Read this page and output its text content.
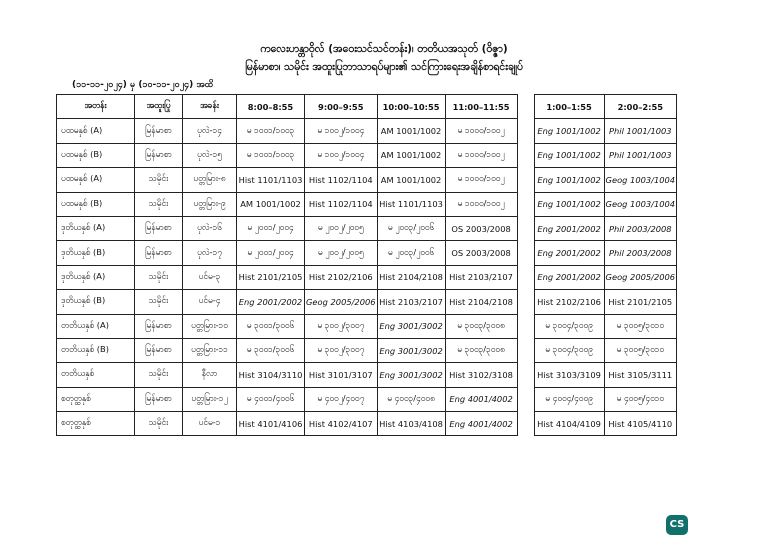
ကလေးဟန္တာဝိုလ် (အဝေးသင်သင်တန်း)၊ တတိယအသုတ် (ဝိဇ္ဇာ)
မြန်မာစာ၊ သမိုင်း အထူးပြုဘာသာရပ်များ၏ သင်ကြားရေးအချိန်စာရင်းချုပ်
(၁၁-၁၁-၂၀၂၄) မှ (၁၀-၁၁-၂၀၂၄) အထိ
အတန်း	အထူးပြု	အခန်း	8:00–8:55	9:00–9:55	10:00–10:55	11:00–11:55		1:00–1:55	2:00–2:55
ပထမနှစ် (A)	မြန်မာစာ	ပုလဲ-၁၄	မ ၁၀၀၁/၁၀၀၃	မ ၁၀၀၂/၁၀၀၄	AM 1001/1002	မ ၁၀၀၀/၁၀၀၂		Eng 1001/1002	Phil 1001/1003
ပထမနှစ် (B)	မြန်မာစာ	ပုလဲ-၁၅	မ ၁၀၀၁/၁၀၀၃	မ ၁၀၀၂/၁၀၀၄	AM 1001/1002	မ ၁၀၀၀/၁၀၀၂		Eng 1001/1002	Phil 1001/1003
ပထမနှစ် (A)	သမိုင်း	ပတ္တမြား-၈	Hist 1101/1103	Hist 1102/1104	AM 1001/1002	မ ၁၀၀၀/၁၀၀၂		Eng 1001/1002	Geog 1003/1004
ပထမနှစ် (B)	သမိုင်း	ပတ္တမြား-၉	AM 1001/1002	Hist 1102/1104	Hist 1101/1103	မ ၁၀၀၀/၁၀၀၂		Eng 1001/1002	Geog 1003/1004
ဒုတိယနှစ် (A)	မြန်မာစာ	ပုလဲ-၁၆	မ ၂၀၀၁/၂၀၀၄	မ ၂၀၀၂/၂၀၀၅	မ ၂၀၀၃/၂၀၀၆	OS 2003/2008		Eng 2001/2002	Phil 2003/2008
ဒုတိယနှစ် (B)	မြန်မာစာ	ပုလဲ-၁၇	မ ၂၀၀၁/၂၀၀၄	မ ၂၀၀၂/၂၀၀၅	မ ၂၀၀၃/၂၀၀၆	OS 2003/2008		Eng 2001/2002	Phil 2003/2008
ဒုတိယနှစ် (A)	သမိုင်း	ပင်မ-၃	Hist 2101/2105	Hist 2102/2106	Hist 2104/2108	Hist 2103/2107		Eng 2001/2002	Geog 2005/2006
ဒုတိယနှစ် (B)	သမိုင်း	ပင်မ-၄	Eng 2001/2002	Geog 2005/2006	Hist 2103/2107	Hist 2104/2108		Hist 2102/2106	Hist 2101/2105
တတိယနှစ် (A)	မြန်မာစာ	ပတ္တမြား-၁၀	မ ၃၀၀၁/၃၀၀၆	မ ၃၀၀၂/၃၀၀၇	Eng 3001/3002	မ ၃၀၀၃/၃၀၀၈		မ ၃၀၀၄/၃၀၀၉	မ ၃၀၀၅/၃၀၁၀
တတိယနှစ် (B)	မြန်မာစာ	ပတ္တမြား-၁၁	မ ၃၀၀၁/၃၀၀၆	မ ၃၀၀၂/၃၀၀၇	Eng 3001/3002	မ ၃၀၀၃/၃၀၀၈		မ ၃၀၀၄/၃၀၀၉	မ ၃၀၀၅/၃၀၁၀
တတိယနှစ်	သမိုင်း	နီလာ	Hist 3104/3110	Hist 3101/3107	Eng 3001/3002	Hist 3102/3108		Hist 3103/3109	Hist 3105/3111
စတုတ္ထနှစ်	မြန်မာစာ	ပတ္တမြား-၁၂	မ ၄၀၀၁/၄၀၀၆	မ ၄၀၀၂/၄၀၀၇	မ ၄၀၀၃/၄၀၀၈	Eng 4001/4002		မ ၄၀၀၄/၄၀၀၉	မ ၄၀၀၅/၄၀၁၀
စတုတ္ထနှစ်	သမိုင်း	ပင်မ-၁	Hist 4101/4106	Hist 4102/4107	Hist 4103/4108	Eng 4001/4002		Hist 4104/4109	Hist 4105/4110
CS
